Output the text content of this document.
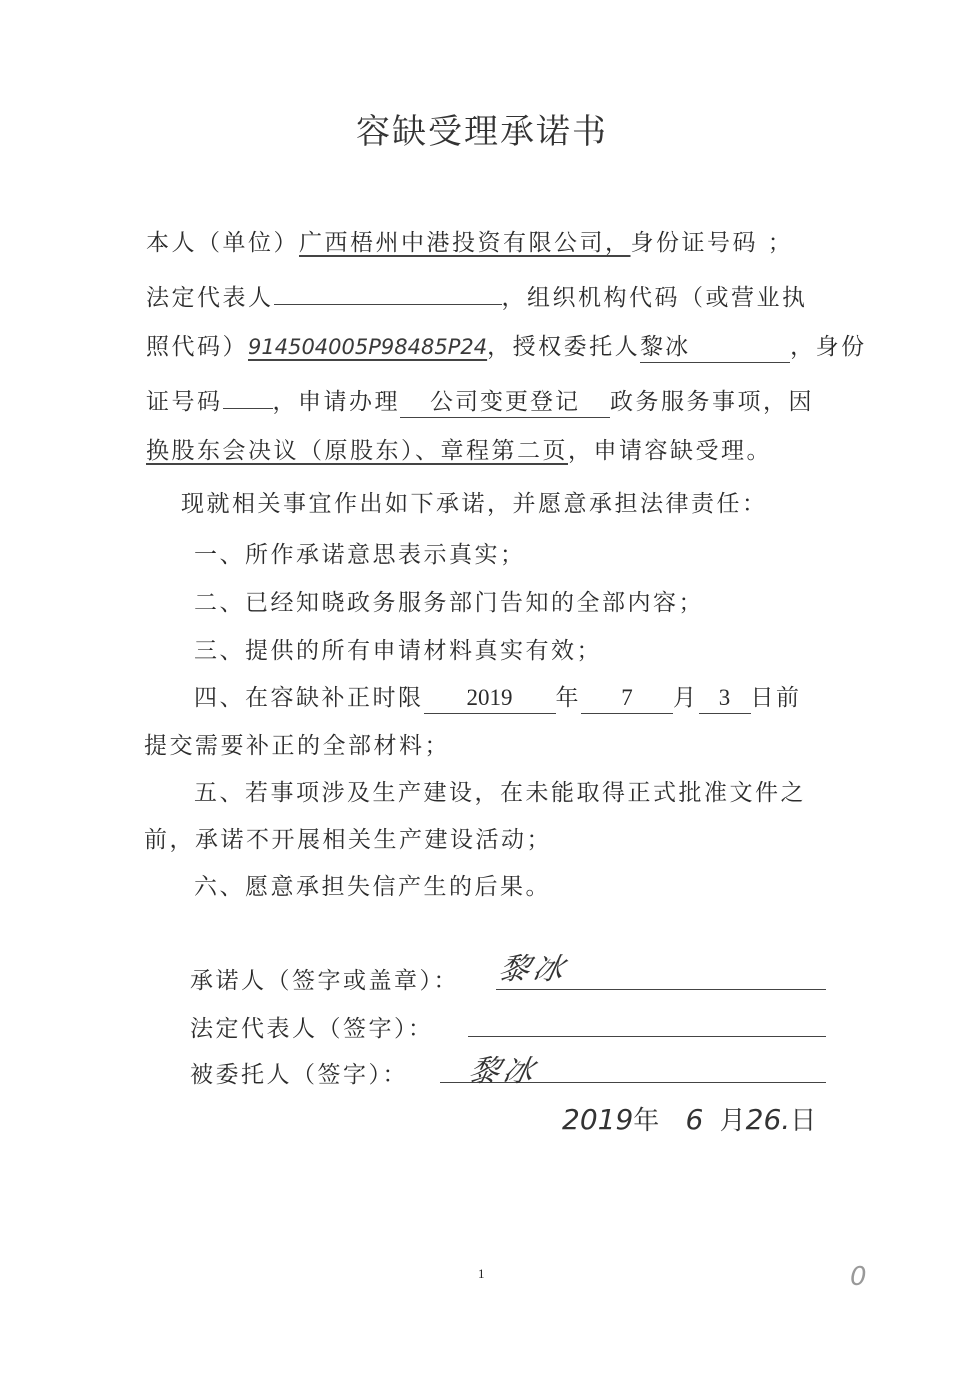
容缺受理承诺书
本人（单位）广西梧州中港投资有限公司，身份证号码 ；
法定代表人	，组织机构代码（或营业执
照代码）914504005P98485P24，授权委托人黎冰	，身份
证号码 ，申请办理 公司变更登记 政务服务事项，因
换股东会决议（原股东）、章程第二页，申请容缺受理。
现就相关事宜作出如下承诺，并愿意承担法律责任：
一、所作承诺意思表示真实；
二、已经知晓政务服务部门告知的全部内容；
三、提供的所有申请材料真实有效；
四、在容缺补正时限 2019 年 7 月 3 日前
提交需要补正的全部材料；
五、若事项涉及生产建设，在未能取得正式批准文件之
前，承诺不开展相关生产建设活动；
六、愿意承担失信产生的后果。
承诺人（签字或盖章）： 黎冰
法定代表人（签字）：
被委托人（签字）： 黎冰
2019年 6 月26.日
1	0
